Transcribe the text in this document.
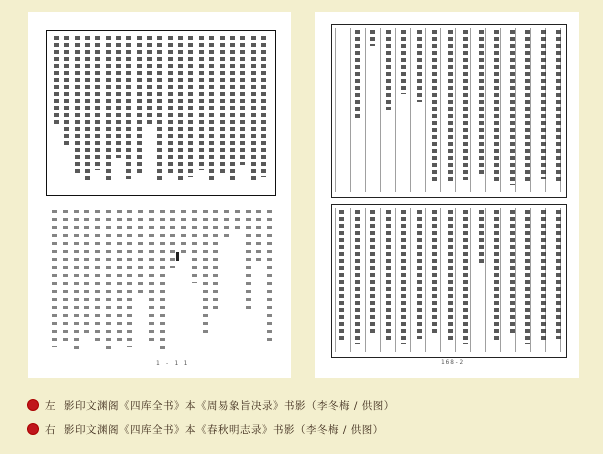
1 - 1 1	168-2
左 影印文渊阁《四库全书》本《周易象旨决录》书影（李冬梅 / 供图）
右 影印文渊阁《四库全书》本《春秋明志录》书影（李冬梅 / 供图）
